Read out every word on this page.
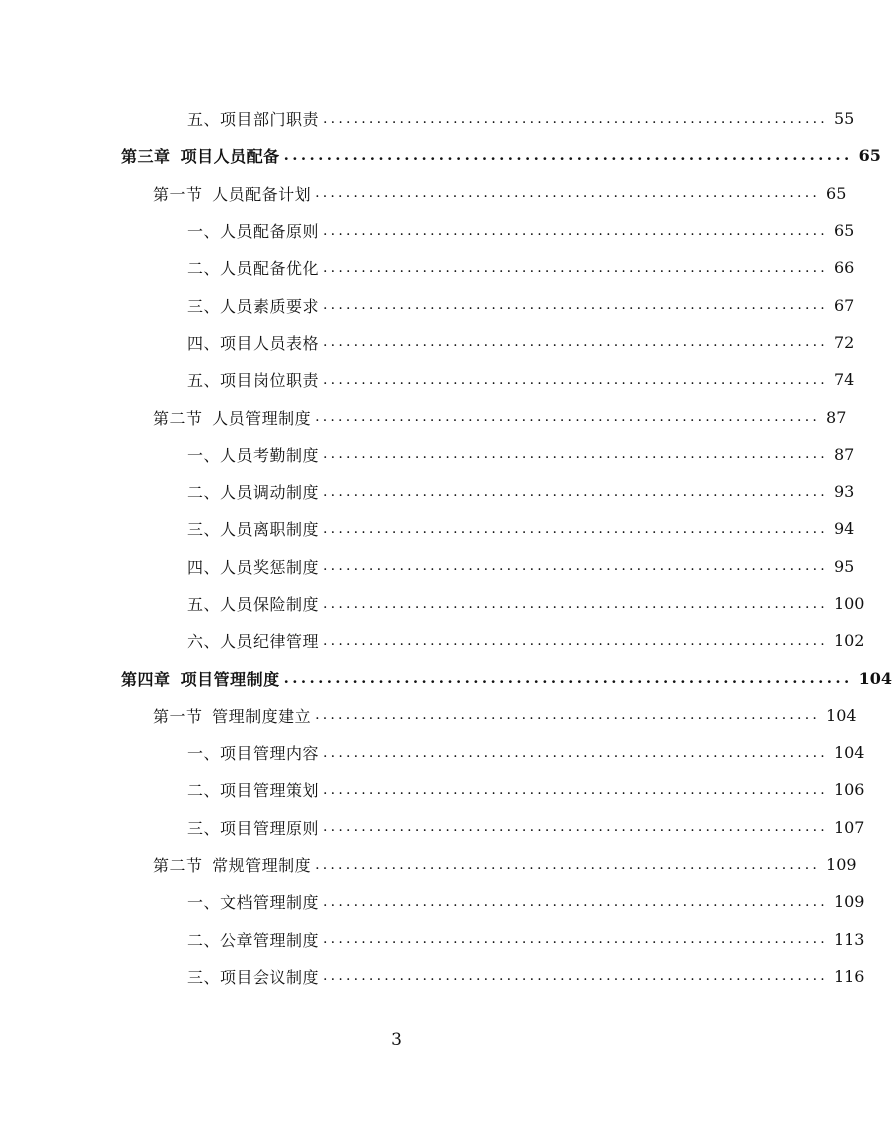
五、项目部门职责 .................................................................. 55
第三章 项目人员配备 .................................................................. 65
第一节 人员配备计划 .................................................................. 65
一、人员配备原则 .................................................................. 65
二、人员配备优化 .................................................................. 66
三、人员素质要求 .................................................................. 67
四、项目人员表格 .................................................................. 72
五、项目岗位职责 .................................................................. 74
第二节 人员管理制度 .................................................................. 87
一、人员考勤制度 .................................................................. 87
二、人员调动制度 .................................................................. 93
三、人员离职制度 .................................................................. 94
四、人员奖惩制度 .................................................................. 95
五、人员保险制度 .................................................................. 100
六、人员纪律管理 .................................................................. 102
第四章 项目管理制度 .................................................................. 104
第一节 管理制度建立 .................................................................. 104
一、项目管理内容 .................................................................. 104
二、项目管理策划 .................................................................. 106
三、项目管理原则 .................................................................. 107
第二节 常规管理制度 .................................................................. 109
一、文档管理制度 .................................................................. 109
二、公章管理制度 .................................................................. 113
三、项目会议制度 .................................................................. 116
3
